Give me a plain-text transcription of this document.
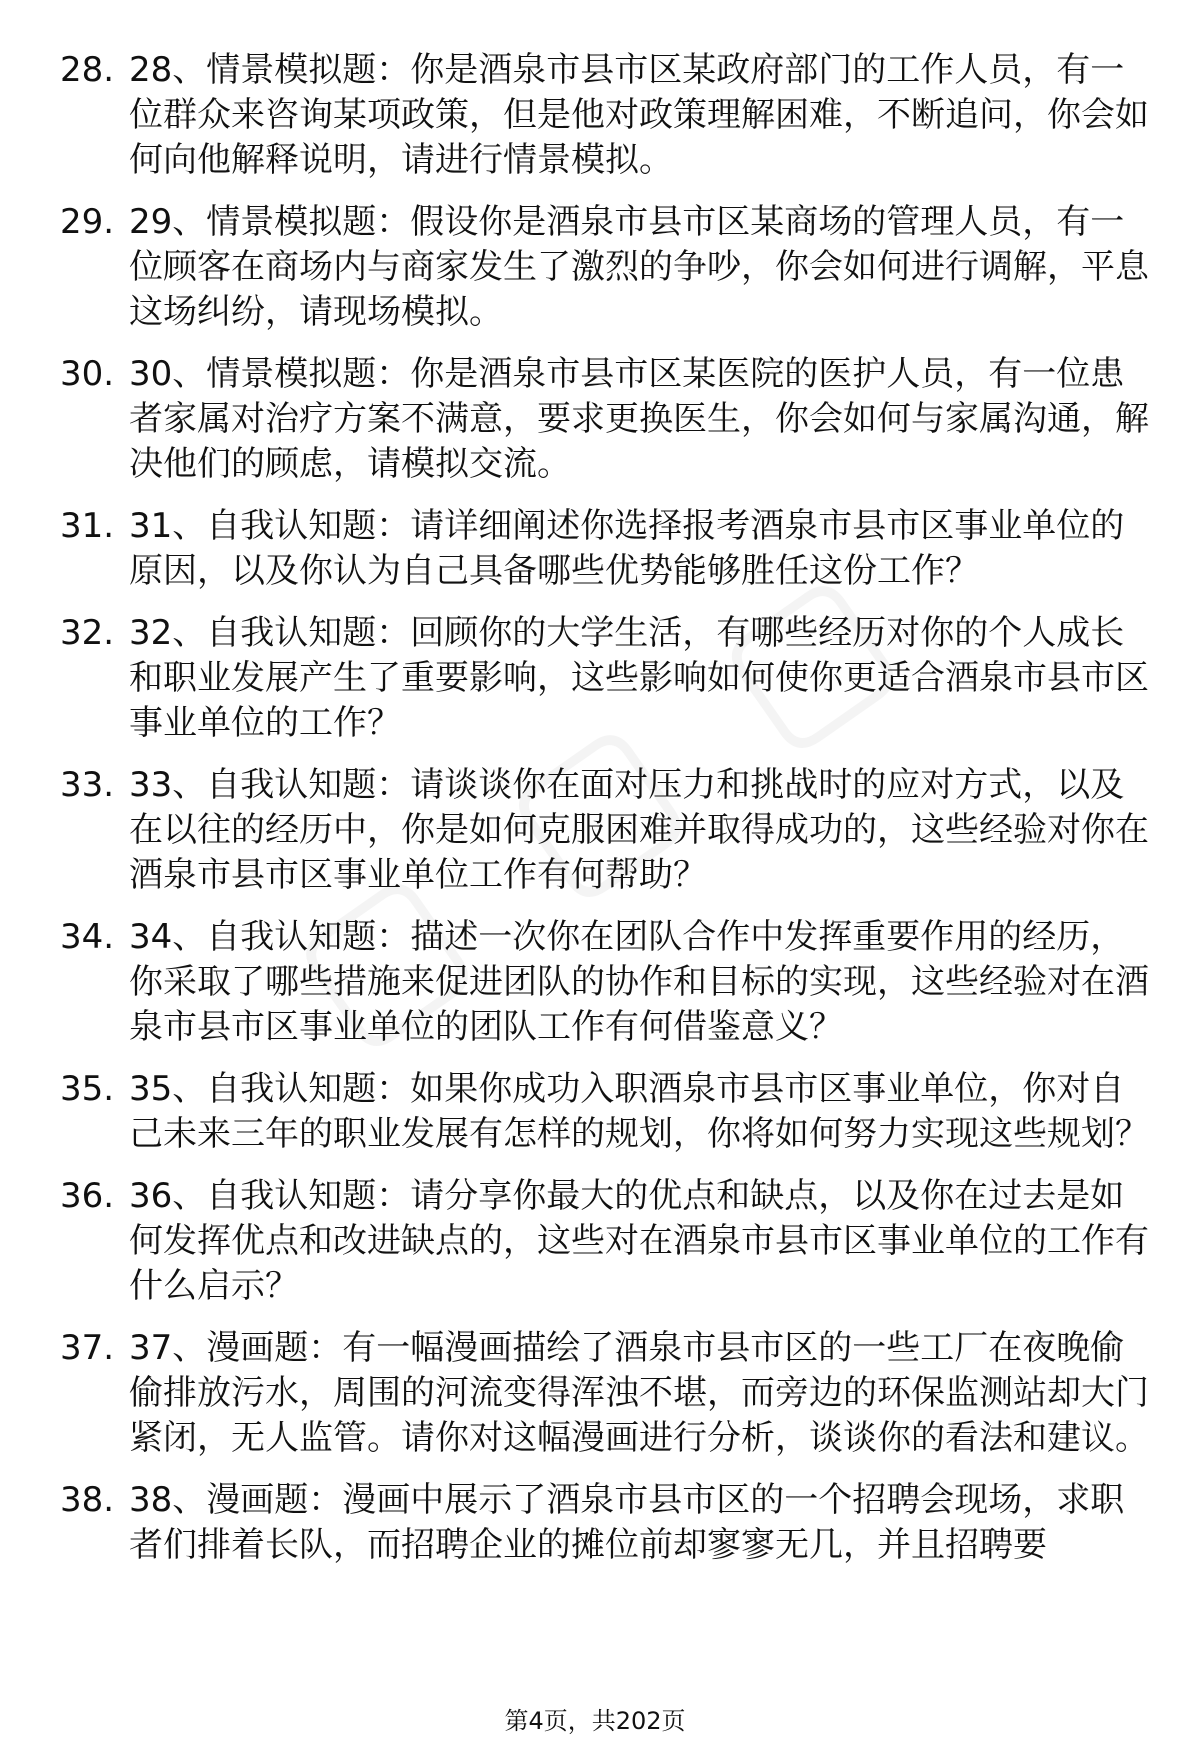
28. 28、情景模拟题：你是酒泉市县市区某政府部门的工作人员，有一位群众来咨询某项政策，但是他对政策理解困难，不断追问，你会如何向他解释说明，请进行情景模拟。
29. 29、情景模拟题：假设你是酒泉市县市区某商场的管理人员，有一位顾客在商场内与商家发生了激烈的争吵，你会如何进行调解，平息这场纠纷，请现场模拟。
30. 30、情景模拟题：你是酒泉市县市区某医院的医护人员，有一位患者家属对治疗方案不满意，要求更换医生，你会如何与家属沟通，解决他们的顾虑，请模拟交流。
31. 31、自我认知题：请详细阐述你选择报考酒泉市县市区事业单位的原因，以及你认为自己具备哪些优势能够胜任这份工作？
32. 32、自我认知题：回顾你的大学生活，有哪些经历对你的个人成长和职业发展产生了重要影响，这些影响如何使你更适合酒泉市县市区事业单位的工作？
33. 33、自我认知题：请谈谈你在面对压力和挑战时的应对方式，以及在以往的经历中，你是如何克服困难并取得成功的，这些经验对你在酒泉市县市区事业单位工作有何帮助？
34. 34、自我认知题：描述一次你在团队合作中发挥重要作用的经历，你采取了哪些措施来促进团队的协作和目标的实现，这些经验对在酒泉市县市区事业单位的团队工作有何借鉴意义？
35. 35、自我认知题：如果你成功入职酒泉市县市区事业单位，你对自己未来三年的职业发展有怎样的规划，你将如何努力实现这些规划？
36. 36、自我认知题：请分享你最大的优点和缺点，以及你在过去是如何发挥优点和改进缺点的，这些对在酒泉市县市区事业单位的工作有什么启示？
37. 37、漫画题：有一幅漫画描绘了酒泉市县市区的一些工厂在夜晚偷偷排放污水，周围的河流变得浑浊不堪，而旁边的环保监测站却大门紧闭，无人监管。请你对这幅漫画进行分析，谈谈你的看法和建议。
38. 38、漫画题：漫画中展示了酒泉市县市区的一个招聘会现场，求职者们排着长队，而招聘企业的摊位前却寥寥无几，并且招聘要
第4页，共202页
